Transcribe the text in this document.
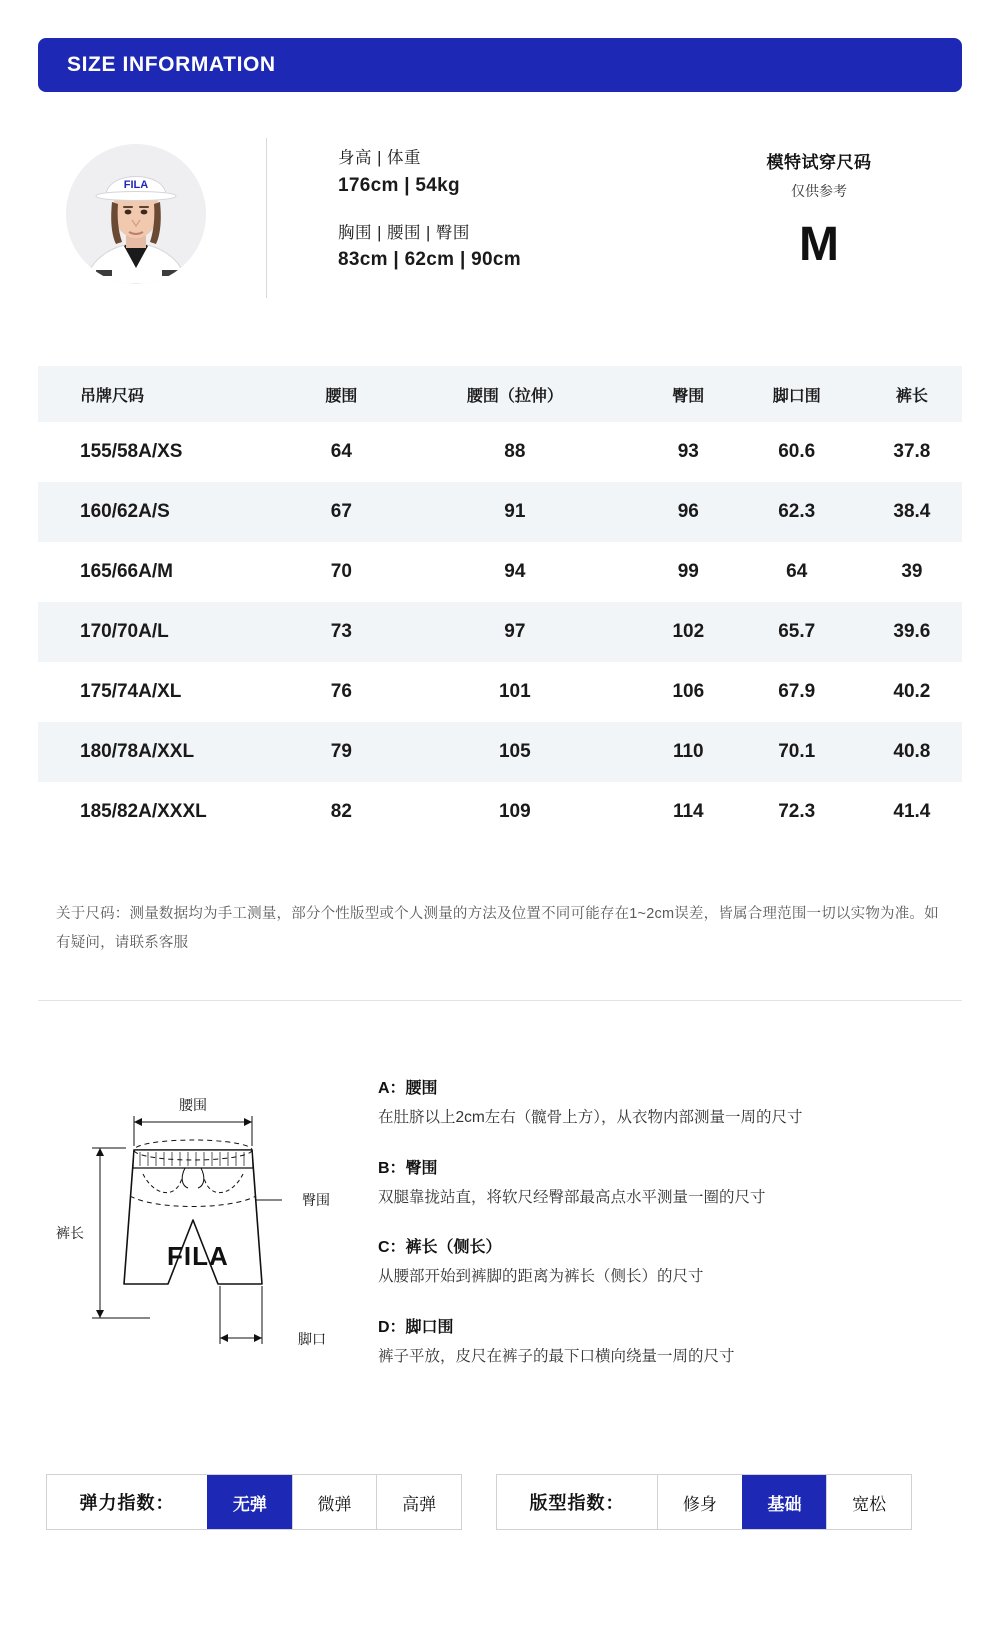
SIZE INFORMATION
FILA
身高 | 体重
176cm | 54kg
胸围 | 腰围 | 臀围
83cm | 62cm | 90cm
模特试穿尺码
仅供参考
M
吊牌尺码	腰围	腰围（拉伸）	臀围	脚口围	裤长
155/58A/XS	64	88	93	60.6	37.8
160/62A/S	67	91	96	62.3	38.4
165/66A/M	70	94	99	64	39
170/70A/L	73	97	102	65.7	39.6
175/74A/XL	76	101	106	67.9	40.2
180/78A/XXL	79	105	110	70.1	40.8
185/82A/XXXL	82	109	114	72.3	41.4
关于尺码：测量数据均为手工测量，部分个性版型或个人测量的方法及位置不同可能存在1~2cm误差，皆属合理范围一切以实物为准。如有疑问，请联系客服
腰围
裤长
FILA
臀围
脚口
A：腰围
在肚脐以上2cm左右（髋骨上方），从衣物内部测量一周的尺寸
B：臀围
双腿靠拢站直，将软尺经臀部最高点水平测量一圈的尺寸
C：裤长（侧长）
从腰部开始到裤脚的距离为裤长（侧长）的尺寸
D：脚口围
裤子平放，皮尺在裤子的最下口横向绕量一周的尺寸
弹力指数：	无弹	微弹	高弹	版型指数：	修身	基础	宽松
